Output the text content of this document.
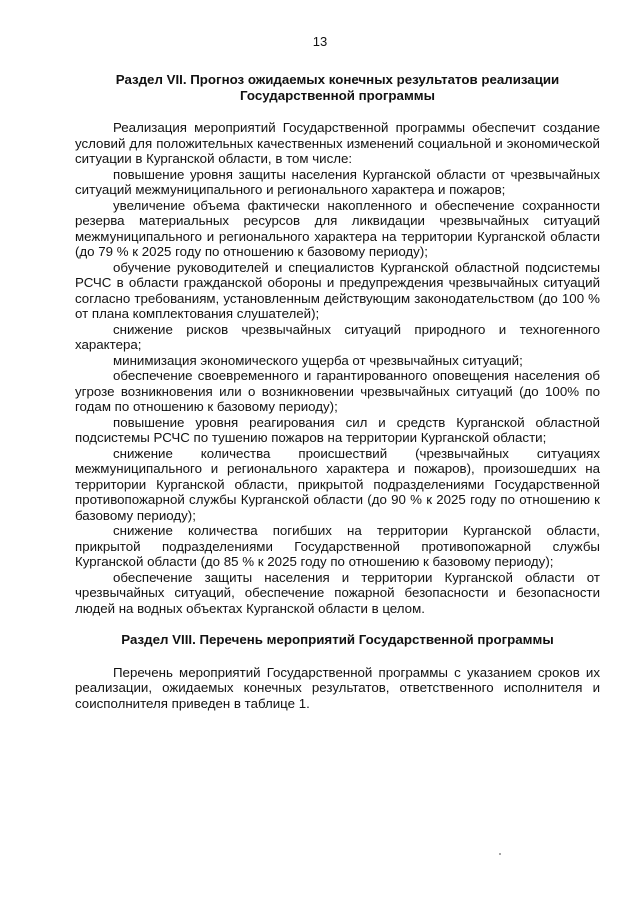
13
Раздел VII. Прогноз ожидаемых конечных результатов реализации
Государственной программы

Реализация мероприятий Государственной программы обеспечит создание условий для положительных качественных изменений социальной и экономической ситуации в Курганской области, в том числе:

повышение уровня защиты населения Курганской области от чрезвычайных ситуаций межмуниципального и регионального характера и пожаров;

увеличение объема фактически накопленного и обеспечение сохранности резерва материальных ресурсов для ликвидации чрезвычайных ситуаций межмуниципального и регионального характера на территории Курганской области (до 79 % к 2025 году по отношению к базовому периоду);

обучение руководителей и специалистов Курганской областной подсистемы РСЧС в области гражданской обороны и предупреждения чрезвычайных ситуаций согласно требованиям, установленным действующим законодательством (до 100 % от плана комплектования слушателей);

снижение рисков чрезвычайных ситуаций природного и техногенного характера;

минимизация экономического ущерба от чрезвычайных ситуаций;

обеспечение своевременного и гарантированного оповещения населения об угрозе возникновения или о возникновении чрезвычайных ситуаций (до 100% по годам по отношению к базовому периоду);

повышение уровня реагирования сил и средств Курганской областной подсистемы РСЧС по тушению пожаров на территории Курганской области;

снижение количества происшествий (чрезвычайных ситуациях межмуниципального и регионального характера и пожаров), произошедших на территории Курганской области, прикрытой подразделениями Государственной противопожарной службы Курганской области (до 90 % к 2025 году по отношению к базовому периоду);

снижение количества погибших на территории Курганской области, прикрытой подразделениями Государственной противопожарной службы Курганской области (до 85 % к 2025 году по отношению к базовому периоду);

обеспечение защиты населения и территории Курганской области от чрезвычайных ситуаций, обеспечение пожарной безопасности и безопасности людей на водных объектах Курганской области в целом.

Раздел VIII. Перечень мероприятий Государственной программы

Перечень мероприятий Государственной программы с указанием сроков их реализации, ожидаемых конечных результатов, ответственного исполнителя и соисполнителя приведен в таблице 1.
